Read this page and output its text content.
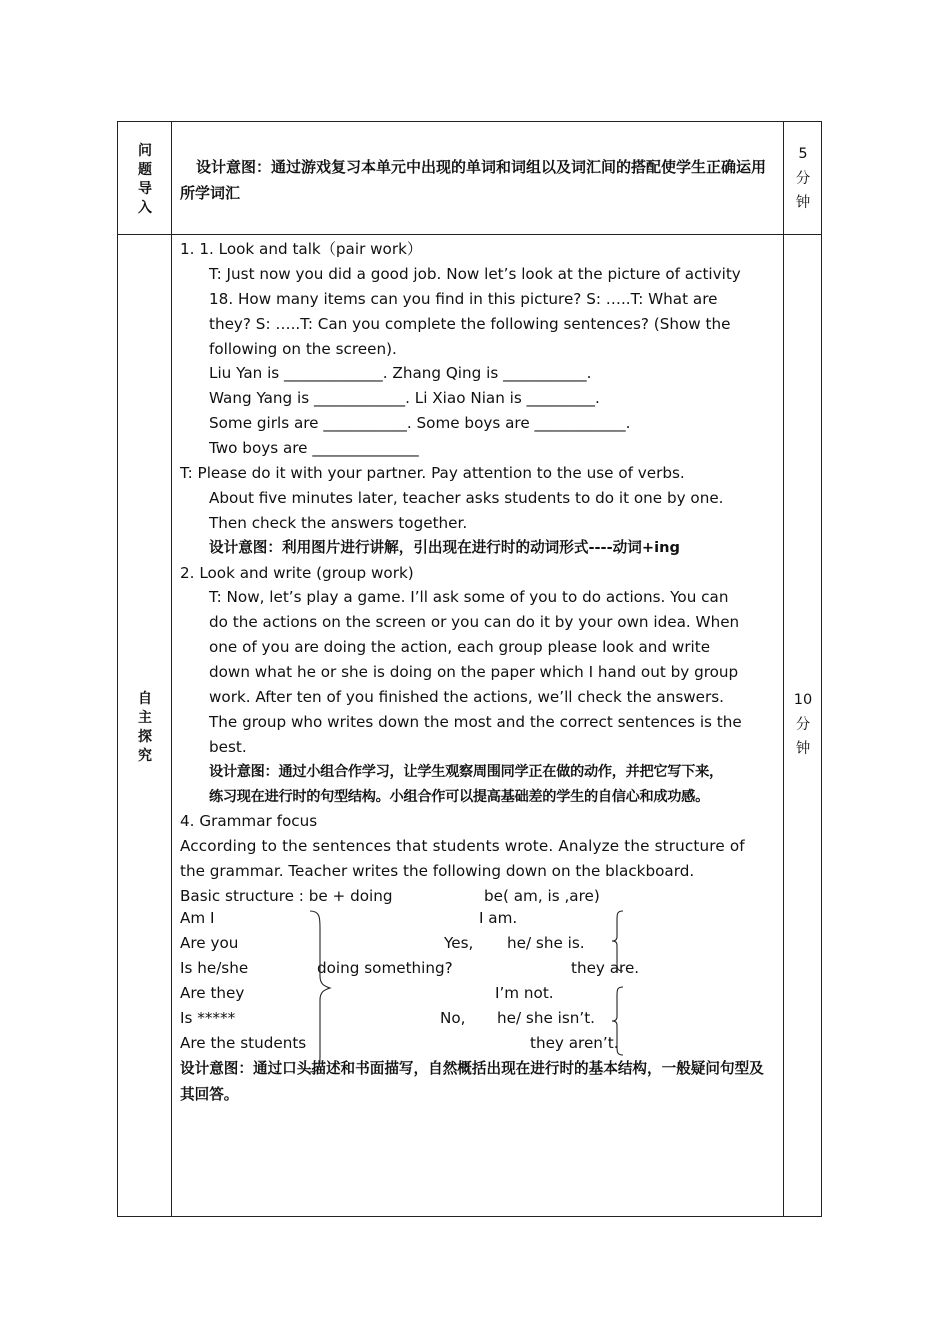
问
题
导
入
设计意图：通过游戏复习本单元中出现的单词和词组以及词汇间的搭配使学生正确运用所学词汇
5
分
钟
自
主
探
究
10
分
钟
1. 1. Look and talk（pair work）
T: Just now you did a good job. Now let’s look at the picture of activity
18. How many items can you find in this picture? S: …..T: What are
they? S: …..T: Can you complete the following sentences? (Show the
following on the screen).
Liu Yan is _____________. Zhang Qing is ___________.
Wang Yang is ____________. Li Xiao Nian is _________.
Some girls are ___________. Some boys are ____________.
Two boys are ______________
T: Please do it with your partner. Pay attention to the use of verbs.
About five minutes later, teacher asks students to do it one by one.
Then check the answers together.
设计意图：利用图片进行讲解，引出现在进行时的动词形式----动词+ing
2. Look and write (group work)
T: Now, let’s play a game. I’ll ask some of you to do actions. You can
do the actions on the screen or you can do it by your own idea. When
one of you are doing the action, each group please look and write
down what he or she is doing on the paper which I hand out by group
work. After ten of you finished the actions, we’ll check the answers.
The group who writes down the most and the correct sentences is the
best.
设计意图：通过小组合作学习，让学生观察周围同学正在做的动作，并把它写下来，
练习现在进行时的句型结构。小组合作可以提高基础差的学生的自信心和成功感。
4. Grammar focus
According to the sentences that students wrote. Analyze the structure of
the grammar. Teacher writes the following down on the blackboard.
Basic structure : be + doing	be( am, is ,are)
Am I
Are you
Is he/she
Are they
Is *****
Are the students
doing something?
I am.
Yes, he/ she is.
they are.
I’m not.
No, he/ she isn’t.
they aren’t.
设计意图：通过口头描述和书面描写，自然概括出现在进行时的基本结构，一般疑问句型及其回答。
